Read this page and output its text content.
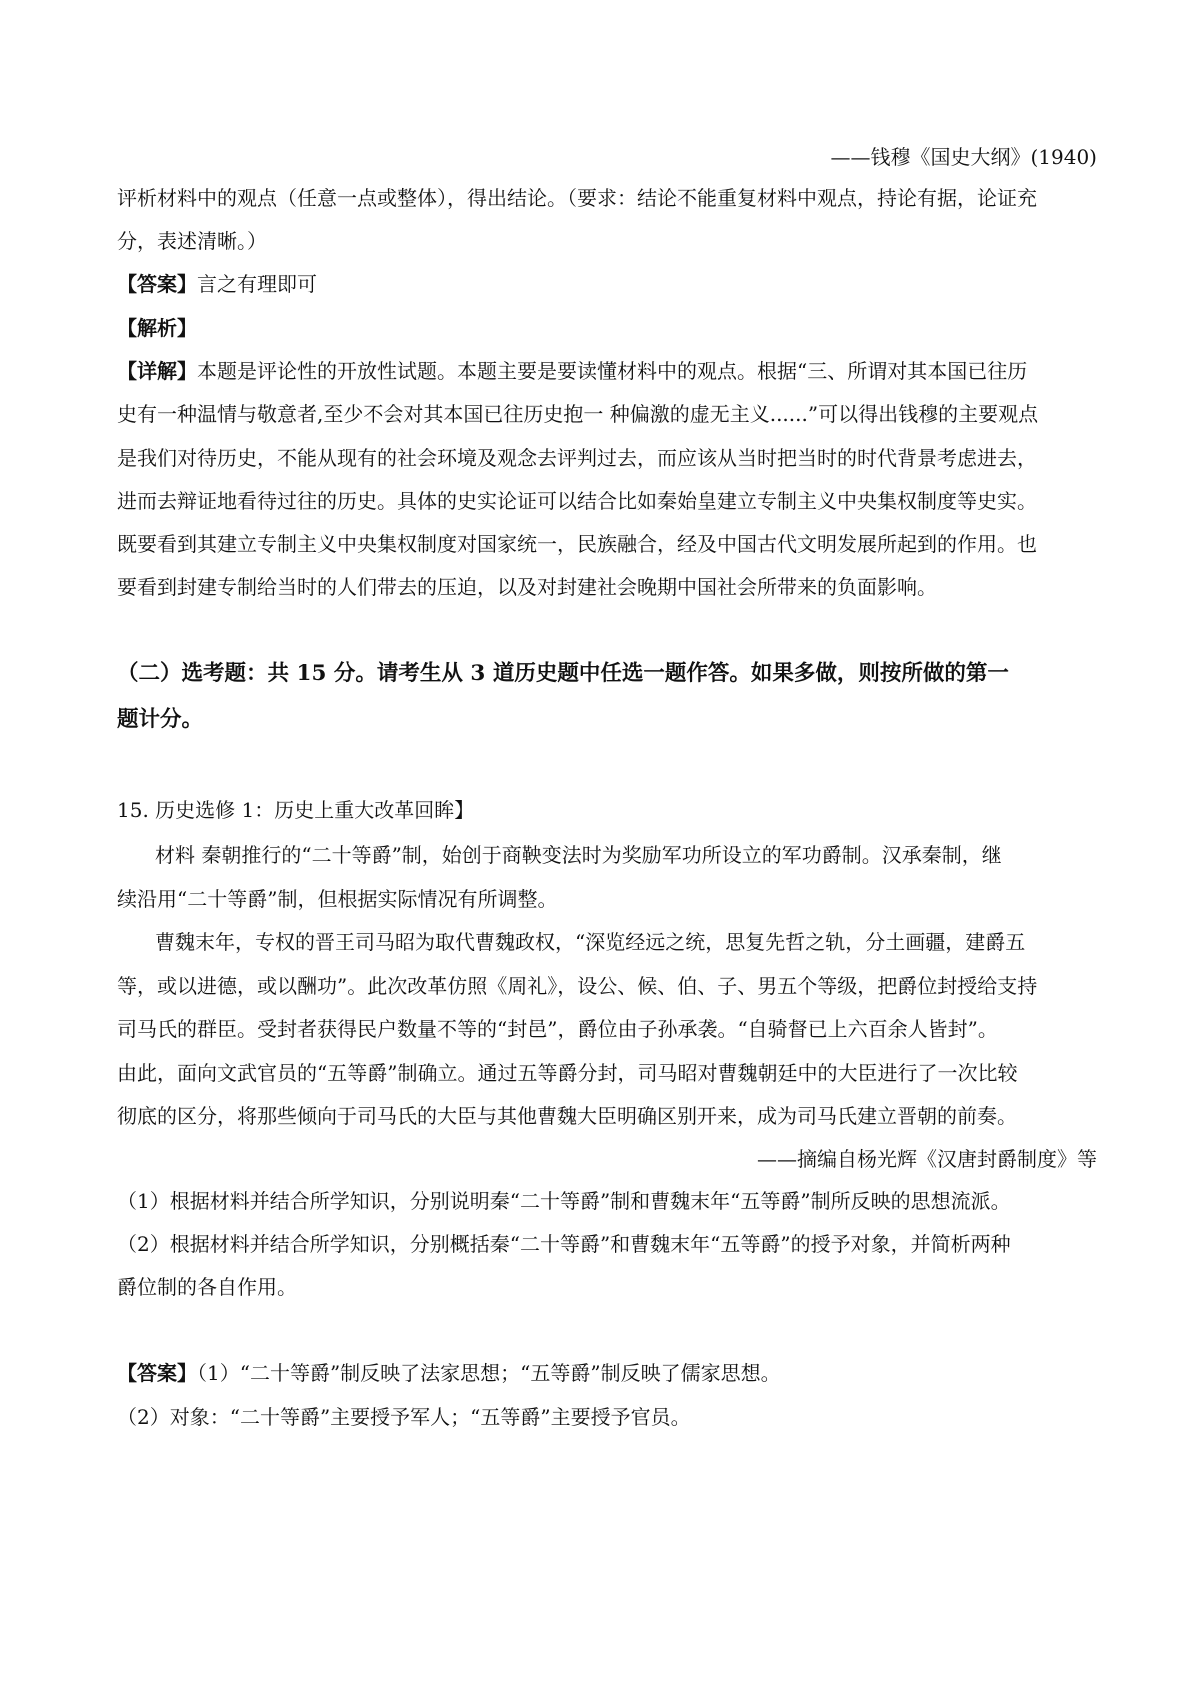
——钱穆《国史大纲》(1940)
评析材料中的观点（任意一点或整体），得出结论。（要求：结论不能重复材料中观点，持论有据，论证充
分，表述清晰。）
【答案】言之有理即可
【解析】
【详解】本题是评论性的开放性试题。本题主要是要读懂材料中的观点。根据“三、所谓对其本国已往历
史有一种温情与敬意者,至少不会对其本国已往历史抱一 种偏激的虚无主义......”可以得出钱穆的主要观点
是我们对待历史，不能从现有的社会环境及观念去评判过去，而应该从当时把当时的时代背景考虑进去，
进而去辩证地看待过往的历史。具体的史实论证可以结合比如秦始皇建立专制主义中央集权制度等史实。
既要看到其建立专制主义中央集权制度对国家统一，民族融合，经及中国古代文明发展所起到的作用。也
要看到封建专制给当时的人们带去的压迫，以及对封建社会晚期中国社会所带来的负面影响。
（二）选考题：共 15 分。请考生从 3 道历史题中任选一题作答。如果多做，则按所做的第一
题计分。
15. 历史选修 1：历史上重大改革回眸】
材料 秦朝推行的“二十等爵”制，始创于商鞅变法时为奖励军功所设立的军功爵制。汉承秦制，继
续沿用“二十等爵”制，但根据实际情况有所调整。
曹魏末年，专权的晋王司马昭为取代曹魏政权，“深览经远之统，思复先哲之轨，分土画疆，建爵五
等，或以进德，或以酬功”。此次改革仿照《周礼》，设公、候、伯、子、男五个等级，把爵位封授给支持
司马氏的群臣。受封者获得民户数量不等的“封邑”，爵位由子孙承袭。“自骑督已上六百余人皆封”。
由此，面向文武官员的“五等爵”制确立。通过五等爵分封，司马昭对曹魏朝廷中的大臣进行了一次比较
彻底的区分，将那些倾向于司马氏的大臣与其他曹魏大臣明确区别开来，成为司马氏建立晋朝的前奏。
——摘编自杨光辉《汉唐封爵制度》等
（1）根据材料并结合所学知识，分别说明秦“二十等爵”制和曹魏末年“五等爵”制所反映的思想流派。
（2）根据材料并结合所学知识，分别概括秦“二十等爵”和曹魏末年“五等爵”的授予对象，并简析两种
爵位制的各自作用。
【答案】（1）“二十等爵”制反映了法家思想；“五等爵”制反映了儒家思想。
（2）对象：“二十等爵”主要授予军人；“五等爵”主要授予官员。
